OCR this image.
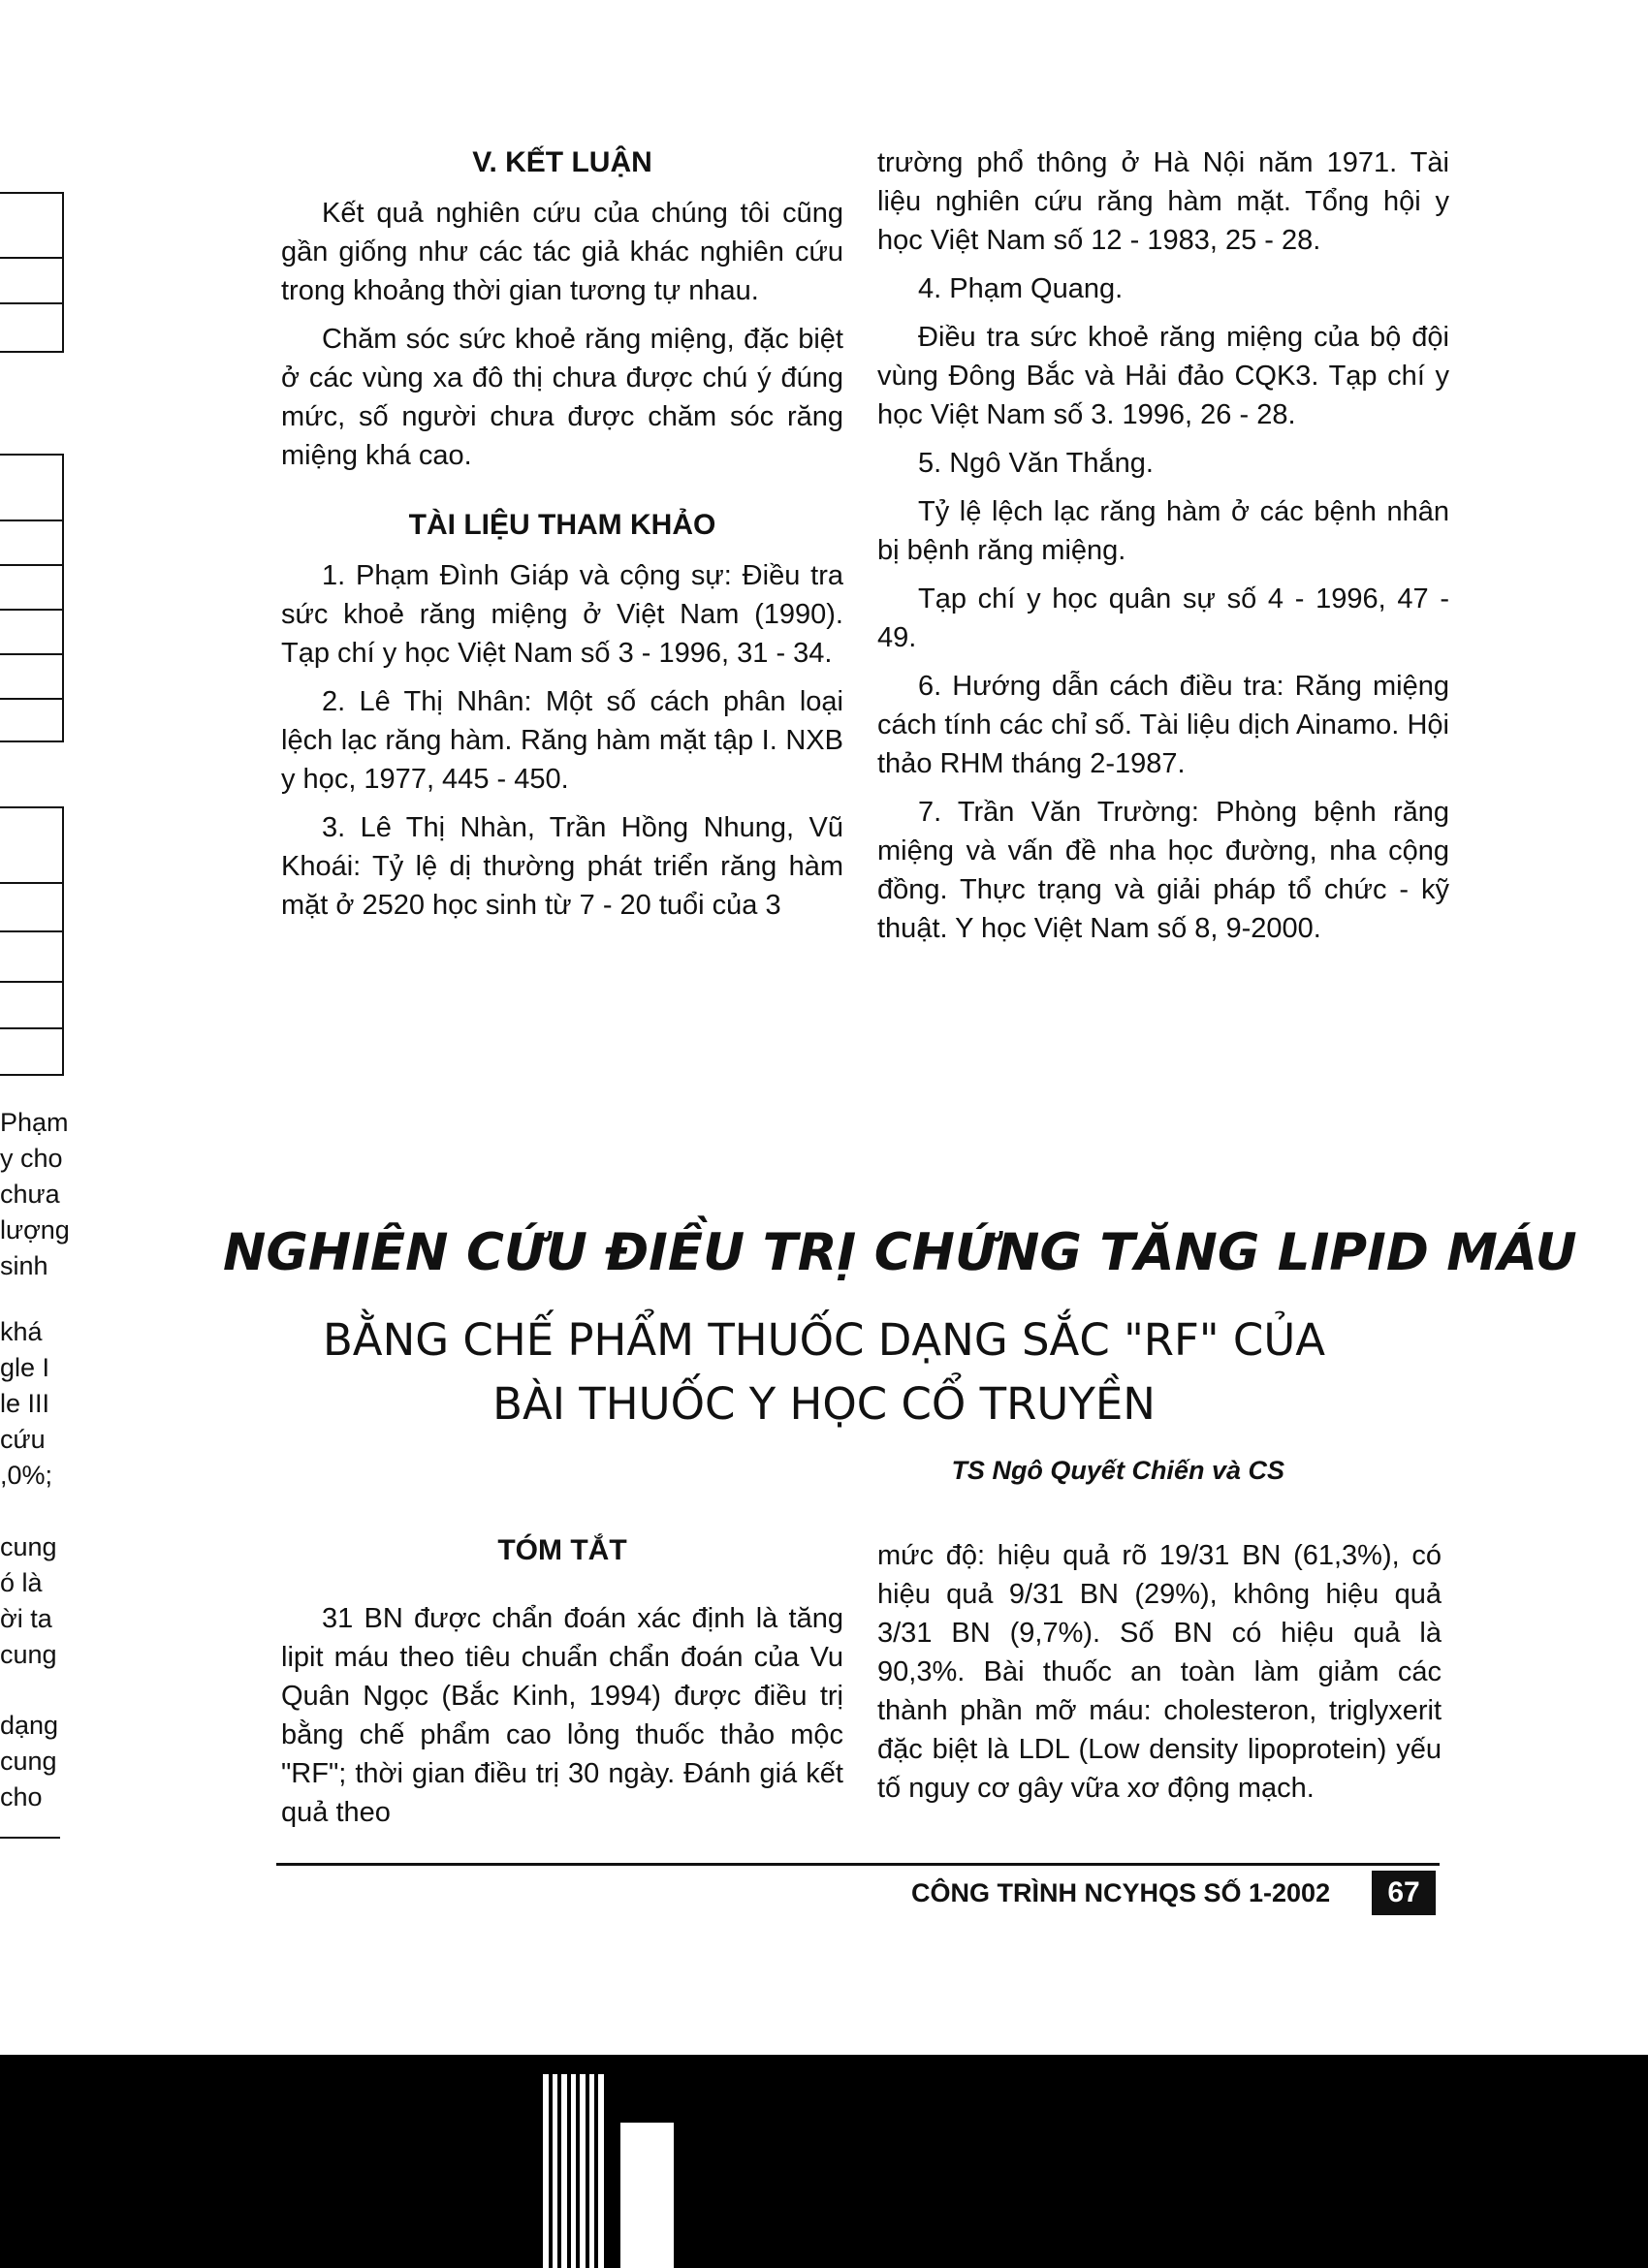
Phạm
y cho
chưa
lượng
sinh
khá
gle I
le III
cứu
,0%;
cung
ó là
ời ta
cung
dạng
cung
cho

V. KẾT LUẬN

Kết quả nghiên cứu của chúng tôi cũng gần giống như các tác giả khác nghiên cứu trong khoảng thời gian tương tự nhau.

Chăm sóc sức khoẻ răng miệng, đặc biệt ở các vùng xa đô thị chưa được chú ý đúng mức, số người chưa được chăm sóc răng miệng khá cao.

TÀI LIỆU THAM KHẢO

1. Phạm Đình Giáp và cộng sự: Điều tra sức khoẻ răng miệng ở Việt Nam (1990). Tạp chí y học Việt Nam số 3 - 1996, 31 - 34.

2. Lê Thị Nhân: Một số cách phân loại lệch lạc răng hàm. Răng hàm mặt tập I. NXB y học, 1977, 445 - 450.

3. Lê Thị Nhàn, Trần Hồng Nhung, Vũ Khoái: Tỷ lệ dị thường phát triển răng hàm mặt ở 2520 học sinh từ 7 - 20 tuổi của 3

trường phổ thông ở Hà Nội năm 1971. Tài liệu nghiên cứu răng hàm mặt. Tổng hội y học Việt Nam số 12 - 1983, 25 - 28.

4. Phạm Quang.

Điều tra sức khoẻ răng miệng của bộ đội vùng Đông Bắc và Hải đảo CQK3. Tạp chí y học Việt Nam số 3. 1996, 26 - 28.

5. Ngô Văn Thắng.

Tỷ lệ lệch lạc răng hàm ở các bệnh nhân bị bệnh răng miệng.

Tạp chí y học quân sự số 4 - 1996, 47 - 49.

6. Hướng dẫn cách điều tra: Răng miệng cách tính các chỉ số. Tài liệu dịch Ainamo. Hội thảo RHM tháng 2-1987.

7. Trần Văn Trường: Phòng bệnh răng miệng và vấn đề nha học đường, nha cộng đồng. Thực trạng và giải pháp tổ chức - kỹ thuật. Y học Việt Nam số 8, 9-2000.

NGHIÊN CỨU ĐIỀU TRỊ CHỨNG TĂNG LIPID MÁU
BẰNG CHẾ PHẨM THUỐC DẠNG SẮC "RF" CỦA
BÀI THUỐC Y HỌC CỔ TRUYỀN
TS Ngô Quyết Chiến và CS

TÓM TẮT

31 BN được chẩn đoán xác định là tăng lipit máu theo tiêu chuẩn chẩn đoán của Vu Quân Ngọc (Bắc Kinh, 1994) được điều trị bằng chế phẩm cao lỏng thuốc thảo mộc "RF"; thời gian điều trị 30 ngày. Đánh giá kết quả theo

mức độ: hiệu quả rõ 19/31 BN (61,3%), có hiệu quả 9/31 BN (29%), không hiệu quả 3/31 BN (9,7%). Số BN có hiệu quả là 90,3%. Bài thuốc an toàn làm giảm các thành phần mỡ máu: cholesteron, triglyxerit đặc biệt là LDL (Low density lipoprotein) yếu tố nguy cơ gây vữa xơ động mạch.

CÔNG TRÌNH NCYHQS SỐ 1-2002	67
